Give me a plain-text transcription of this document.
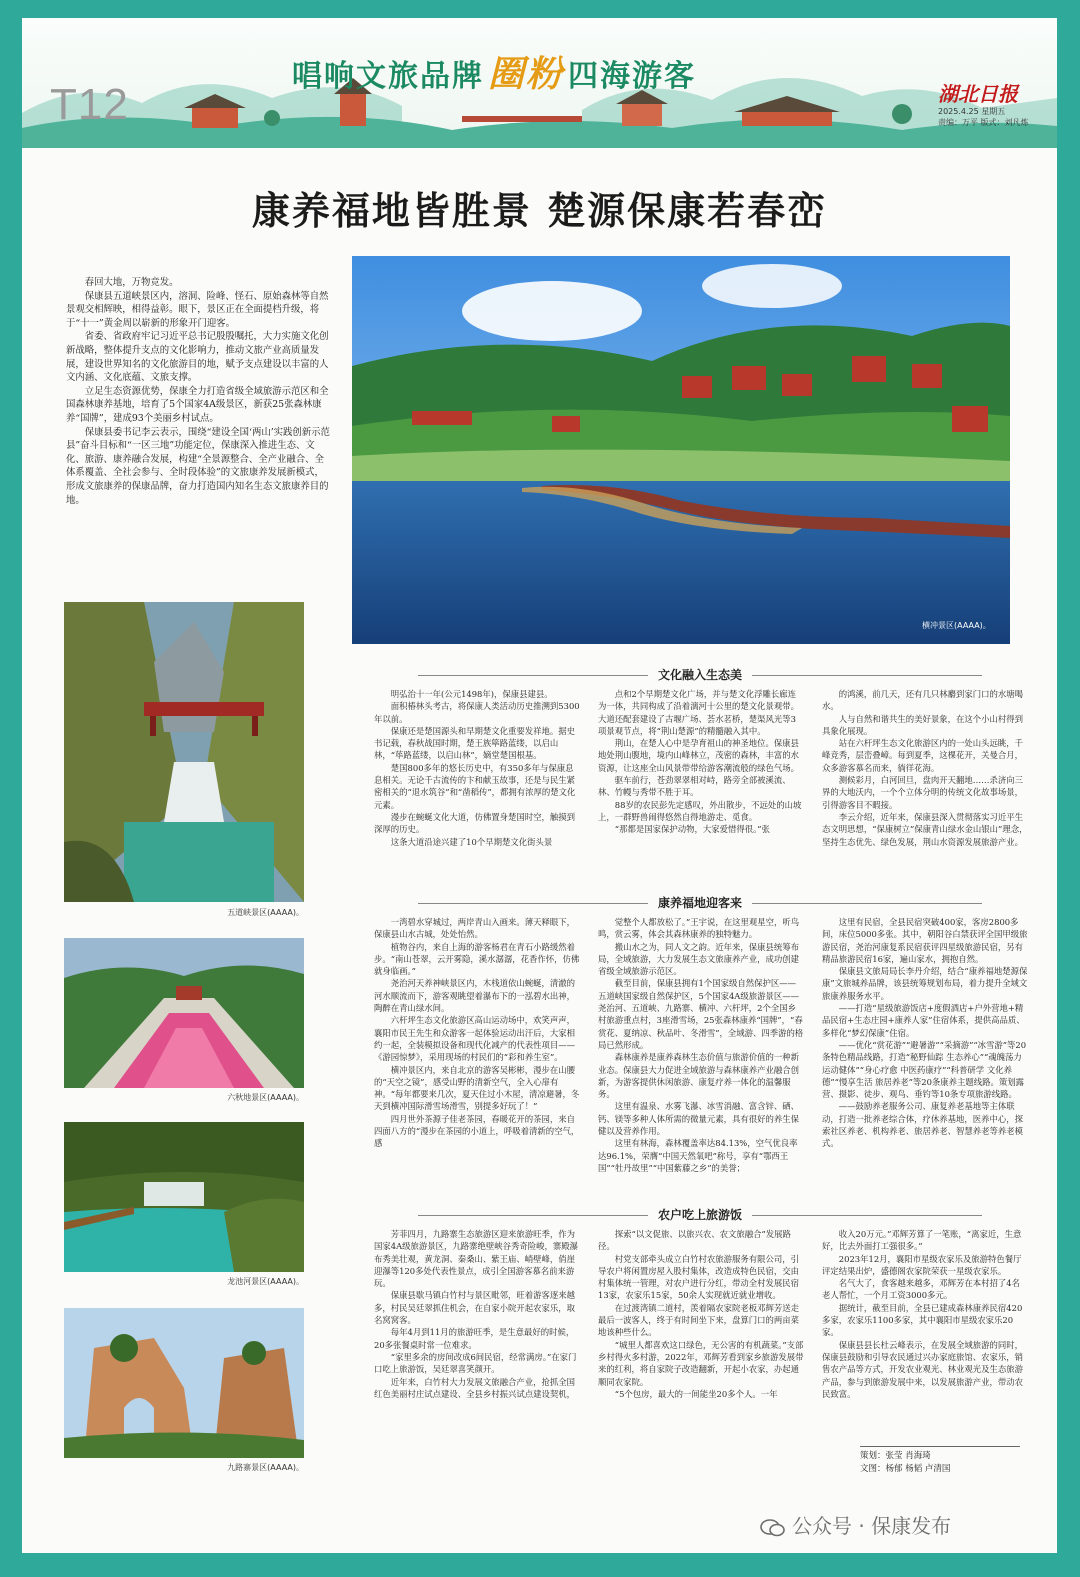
T12
唱响文旅品牌 圈粉 四海游客	湖北日报
2025.4.25 星期五
责编：万平 版式：刘凡炼
康养福地皆胜景 楚源保康若春峦

春回大地，万物竞发。

保康县五道峡景区内，溶洞、险峰、怪石、原始森林等自然景观交相辉映，相得益彰。眼下，景区正在全面提档升级，将于“十一”黄金周以崭新的形象开门迎客。

省委、省政府牢记习近平总书记殷殷嘱托，大力实施文化创新战略，整体提升支点的文化影响力，推动文旅产业高质量发展，建设世界知名的文化旅游目的地，赋予支点建设以丰富的人文内涵、文化底蕴、文旅支撑。

立足生态资源优势，保康全力打造省级全域旅游示范区和全国森林康养基地，培育了5个国家4A级景区，新获25张森林康养“国牌”，建成93个美丽乡村试点。

保康县委书记李云表示，围绕“建设全国‘两山’实践创新示范县”奋斗目标和“一区三地”功能定位，保康深入推进生态、文化、旅游、康养融合发展，构建“全景源整合、全产业融合、全体系覆盖、全社会参与、全时段体验”的文旅康养发展新模式，形成文旅康养的保康品牌，奋力打造国内知名生态文旅康养目的地。

横冲景区(AAAA)。
五道峡景区(AAAA)。
六秋地景区(AAAA)。
龙池河景区(AAAA)。
九路寨景区(AAAA)。
文化融入生态美

明弘治十一年(公元1498年)，保康县建县。

面积椿林头考古，将保康人类活动历史推溯到5300年以前。

保康还是楚国源头和早期楚文化重要发祥地。据史书记载，春秋战国时期，楚王族筚路蓝缕，以启山林，“荜路蓝缕，以启山林”，嫡堂楚国根基。

楚国800多年的悠长历史中，有350多年与保康息息相关。无论千古流传的卞和献玉故事，还是与民生紧密相关的“退水筑谷”和“凿稻传”，都拥有浓厚的楚文化元素。

漫步在蜿蜒文化大道，仿佛置身楚国时空，触摸到深厚的历史。

这条大道沿途兴建了10个早期楚文化街头景

点和2个早期楚文化广场，并与楚文化浮雕长廊连为一体，共同构成了沿着漓河十公里的楚文化景观带。大道还配套建设了古堰广场、荟水茗桥，楚渠风光等3项景观节点，将“荆山楚源”的精髓融入其中。

荆山，在楚人心中是孕育祖山的神圣地位。保康县地处荆山腹地，境内山峰林立，茂密的森林，丰富的水资源，让这座全山风景带带给游客潮流般的绿色气场。

驱车前行，苍劲翠翠相对峙，路旁全部被溪流、林、竹幔与秀带不胜于耳。

88岁的农民彭先定感叹，外出散步，不远处的山坡上，一群野兽闹得悠然自得地游走、觅食。

“那都是国家保护动物，大家爱惜得很。”张

的鸿溪，前几天，还有几只林麝到家门口的水塘喝水。

人与自然和谐共生的美好景象，在这个小山村得到具象化展现。

站在六杆坪生态文化旅游区内的一处山头远眺，千峰竞秀，层峦叠嶂。每到夏季，这棵花开，关曼合月，众多游客慕名而来，徜徉花海。

测候彩月，白河回旦，盘肉开天翻地……杀济向三界的大地沃内，一个个立体分明的传统文化故事场景，引得游客目不暇接。

李云介绍，近年来，保康县深入贯彻落实习近平生态文明思想，“保康树立”保康青山绿水金山银山”理念，坚持生态优先、绿色发展，荆山水资源发展旅游产业。

康养福地迎客来

一湾碧水穿城过，两岸青山入画来。薄天释眼下，保康县山水古城，处处怡然。

植物谷内，来自上海的游客杨君在青石小路缓然着步。“南山苍翠，云开雾隐，溪水潺潺，花香作怀，仿佛就身临画。”

尧治河天养神峡景区内，木栈道依山蜿蜒，清澈的河水顺流而下，游客观眺望着瀑布下的一泓碧水出神，陶醉在青山绿水间。

六杆坪生态文化旅游区高山运动场中，欢笑声声，襄阳市民王先生和众游客一起体验运动出汗后，大家相约一起，全装模拟设备和现代化减产的代表性项目——《游园惊梦》，采用现场的村民们的“彩和养生室”。

横冲景区内，来自北京的游客吴彬彬，漫步在山腰的“天空之镜”，感受山野的清新空气，全入心扉有神。“每年都要来几次，夏天住过小木屋，清凉避暑，冬天到横冲国际滑雪场滑雪，别提多好玩了！”

四月世外茶源子佳老茶园，春暖花开的茶园，来自四面八方的“漫步在茶园的小道上，呼吸着清新的空气，感

觉整个人都放松了。”王宇说，在这里观星空，听鸟鸣，赏云雾，体会其森林康养的独特魅力。

搬山水之为，同人文之韵。近年来，保康县统筹布局，全域旅游，大力发展生态文旅康养产业，成功创建省级全域旅游示范区。

截至目前，保康县拥有1个国家级自然保护区——五道峡国家级自然保护区，5个国家4A级旅游景区——尧治河、五道峡、九路寨、横冲、六杆坪，2个全国乡村旅游重点村，3座滑雪场，25张森林康养“国牌”，“春赏花、夏纳凉、秋品叶、冬滑雪”，全域游、四季游的格局已然形成。

森林康养是康养森林生态价值与旅游价值的一种新业态。保康县大力促进全域旅游与森林康养产业融合创新，为游客提供休闲旅游、康复疗养一体化的温馨服务。

这里有温泉、水雾飞瀑、冰雪消融、富含锌、硒、钙、镁等多种人体所需的微量元素，具有很好的养生保健以及营养作用。

这里有林海，森林覆盖率达84.13%，空气优良率达96.1%，荣膺“中国天然氧吧”称号，享有“鄂西王国”“牡丹故里”“中国紫藤之乡”的美誉；

这里有民宿，全县民宿突破400家，客房2800多间，床位5000多张。其中，朝阳谷白禁获评全国甲级旅游民宿，尧治河康复系民宿获评四星级旅游民宿，另有精品旅游民宿16家，遍山家水，拥抱自然。

保康县文旅局局长李丹介绍，结合“康养福地楚源保康”文旅城养品牌，该县统筹规划布局，着力提升全域文旅康养服务水平。

——打造“星级旅游饭店+度假酒店+户外营地+精品民宿+生态庄园+康养人家”住宿体系，提供高品质、多样化“梦幻保康”住宿。

——优化“赏花游”“避暑游”“采摘游”“冰雪游”等20条特色精品线路，打造“秘野仙踪 生态养心”“魂魄荡力 运动健体”“身心疗愈 中医药康疗”“科普研学 文化养德”“慢享生活 旅居养老”等20条康养主题线路。策划露营、摄影、徒步、观鸟、垂钓等10条专项旅游线路。

——鼓励养老服务公司、康复养老基地等主体联动，打造一批养老综合体，疗休养基地，医养中心，探索社区养老、机构养老、旅居养老、智慧养老等养老模式。

农户吃上旅游饭

芳菲四月，九路寨生态旅游区迎来旅游旺季，作为国家4A级旅游景区，九路寨绝壁峡谷秀奇险峻，寨殿瀑布秀美壮观，黄龙洞、秦桑山、紫王庙、峭壁峰，俏崖迎瀑等120多处代表性景点，成引全国游客慕名前来游玩。

保康县歇马镇白竹村与景区毗邻，旺着游客逐来越多，村民吴廷翠抓住机会，在自家小院开起农家乐，取名窝窝客。

每年4月到11月的旅游旺季，是生意最好的时候，20多张餐桌时常一位难求。

“家里多余的房间改成6间民宿，经常满房。”在家门口吃上旅游饭，吴廷翠喜笑颜开。

近年来，白竹村大力发展文旅融合产业，抢抓全国红色美丽村庄试点建设、全县乡村振兴试点建设契机，

探索“以文促旅、以旅兴农、农文旅融合”发展路径。

村党支部牵头成立白竹村农旅游服务有限公司，引导农户将闲置房屋入股村集体，改造成特色民宿，交由村集体统一管理，对农户进行分红，带动全村发展民宿13家，农家乐15家，50余人实现就近就业增收。

在过渡湾镇二道村，羡着隔农家院老板邓辉芳送走最后一波客人，终于有时间坐下来，盘算门口的两亩菜地该种些什么。

“城里人都喜欢这口绿色，无公害的有机蔬菜。”支部乡村得火多村游，2022年，邓辉芳看到家乡旅游发展带来的红利，将自家院子改造翻新，开起小农家，办起通顺同农家院。

“5个包房，最大的一间能坐20多个人。一年

收入20万元。”邓辉芳算了一笔账，“离家近，生意好，比去外面打工强很多。”

2023年12月，襄阳市星级农家乐及旅游特色餐厅评定结果出炉，盛德阁农家院荣获一星级农家乐。

名气大了，食客越来越多，邓辉芳在本村招了4名老人帮忙，一个月工资3000多元。

据统计，截至目前，全县已建成森林康养民宿420多家，农家乐1100多家，其中襄阳市星级农家乐20家。

保康县县长杜云峰表示，在发展全域旅游的同时，保康县鼓励和引导农民通过兴办家庭旅馆、农家乐，销售农产品等方式，开发农业观光、林业观光及生态旅游产品，参与到旅游发展中来，以发展旅游产业，带动农民致富。

策划：张莹 肖海琦
文图：杨郁 杨韬 卢清国
公众号 · 保康发布
